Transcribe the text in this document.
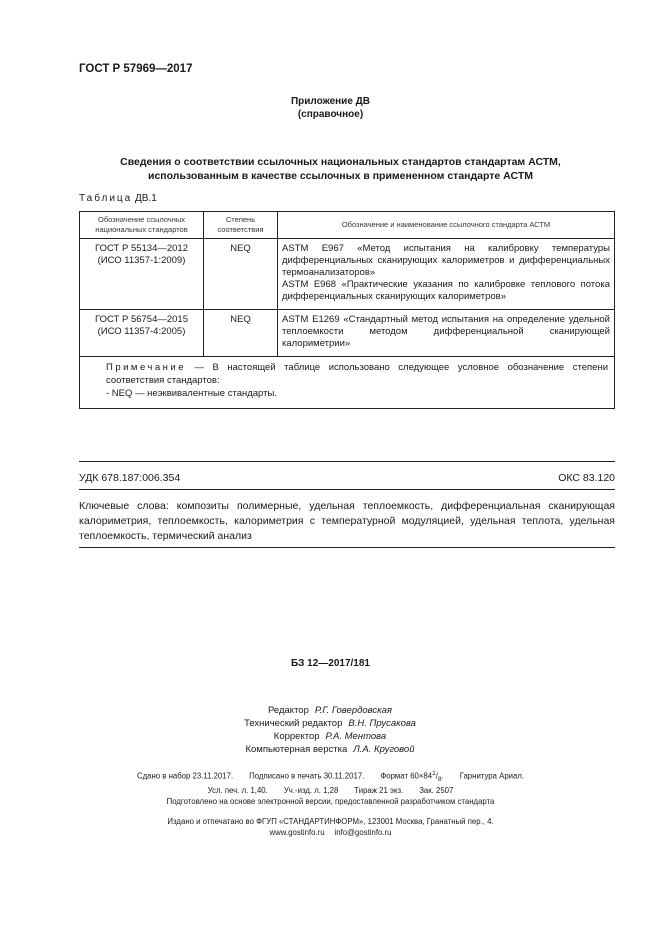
ГОСТ Р 57969—2017
Приложение ДВ
(справочное)
Сведения о соответствии ссылочных национальных стандартов стандартам АСТМ,
использованным в качестве ссылочных в примененном стандарте АСТМ
Таблица ДВ.1
Обозначение ссылочных национальных стандартов	Степень соответствия	Обозначение и наименование ссылочного стандарта АСТМ

ГОСТ Р 55134—2012 (ИСО 11357-1:2009)	NEQ	ASTM E967 «Метод испытания на калибровку температуры дифференциальных сканирующих калориметров и дифференциальных термоанализаторов»
ASTM E968 «Практические указания по калибровке теплового потока дифференциальных сканирующих калориметров»

ГОСТ Р 56754—2015 (ИСО 11357-4:2005)	NEQ	ASTM E1269 «Стандартный метод испытания на определение удельной теплоемкости методом дифференциальной сканирующей калориметрии»

Примечание — В настоящей таблице использовано следующее условное обозначение степени соответствия стандартов:
- NEQ — неэквивалентные стандарты.		
УДК 678.187:006.354	ОКС 83.120
Ключевые слова: композиты полимерные, удельная теплоемкость, дифференциальная сканирующая калориметрия, теплоемкость, калориметрия с температурной модуляцией, удельная теплота, удельная теплоемкость, термический анализ
БЗ 12—2017/181
Редактор Р.Г. Говердовская
Технический редактор В.Н. Прусакова
Корректор Р.А. Ментова
Компьютерная верстка Л.А. Круговой
Сдано в набор 23.11.2017. Подписано в печать 30.11.2017. Формат $60\times 84^1/_8$. Гарнитура Ариал.
Усл. печ. л. 1,40. Уч.-изд. л. 1,28 Тираж 21 экз. Зак. 2507
Подготовлено на основе электронной версии, предоставленной разработчиком стандарта
Издано и отпечатано во ФГУП «СТАНДАРТИНФОРМ», 123001 Москва, Гранатный пер., 4.
www.gostinfo.ru info@gostinfo.ru
